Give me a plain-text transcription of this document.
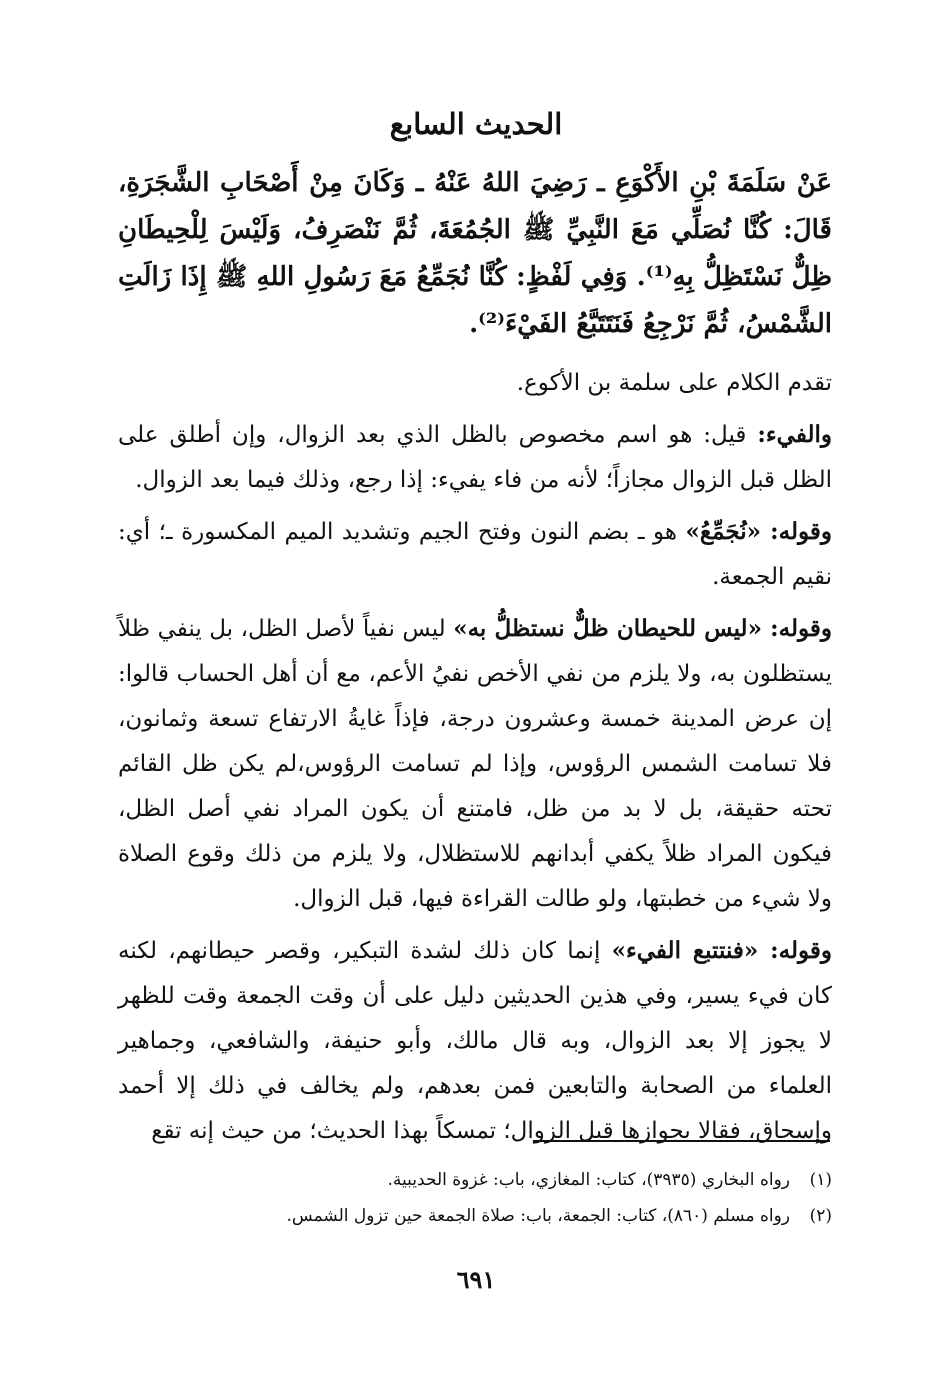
الحديث السابع

عَنْ سَلَمَةَ بْنِ الأَكْوَعِ ـ رَضِيَ اللهُ عَنْهُ ـ وَكَانَ مِنْ أَصْحَابِ الشَّجَرَةِ، قَالَ: كُنَّا نُصَلِّي مَعَ النَّبِيِّ ﷺ الجُمُعَةَ، ثُمَّ نَنْصَرِفُ، وَلَيْسَ لِلْحِيطَانِ ظِلٌّ نَسْتَظِلُّ بِهِ⁽¹⁾. وَفِي لَفْظٍ: كُنَّا نُجَمِّعُ مَعَ رَسُولِ اللهِ ﷺ إِذَا زَالَتِ الشَّمْسُ، ثُمَّ نَرْجِعُ فَنَتَتَبَّعُ الفَيْءَ⁽²⁾.

تقدم الكلام على سلمة بن الأكوع.

والفيء: قيل: هو اسم مخصوص بالظل الذي بعد الزوال، وإن أطلق على الظل قبل الزوال مجازاً؛ لأنه من فاء يفيء: إذا رجع، وذلك فيما بعد الزوال.

وقوله: «نُجَمِّعُ» هو ـ بضم النون وفتح الجيم وتشديد الميم المكسورة ـ؛ أي: نقيم الجمعة.

وقوله: «ليس للحيطان ظلٌّ نستظلُّ به» ليس نفياً لأصل الظل، بل ينفي ظلاً يستظلون به، ولا يلزم من نفي الأخص نفيُ الأعم، مع أن أهل الحساب قالوا: إن عرض المدينة خمسة وعشرون درجة، فإذاً غايةُ الارتفاع تسعة وثمانون، فلا تسامت الشمس الرؤوس، وإذا لم تسامت الرؤوس،لم يكن ظل القائم تحته حقيقة، بل لا بد من ظل، فامتنع أن يكون المراد نفي أصل الظل، فيكون المراد ظلاً يكفي أبدانهم للاستظلال، ولا يلزم من ذلك وقوع الصلاة ولا شيء من خطبتها، ولو طالت القراءة فيها، قبل الزوال.

وقوله: «فنتتبع الفيء» إنما كان ذلك لشدة التبكير، وقصر حيطانهم، لكنه كان فيء يسير، وفي هذين الحديثين دليل على أن وقت الجمعة وقت للظهر لا يجوز إلا بعد الزوال، وبه قال مالك، وأبو حنيفة، والشافعي، وجماهير العلماء من الصحابة والتابعين فمن بعدهم، ولم يخالف في ذلك إلا أحمد وإسحاق، فقالا بجوازها قبل الزوال؛ تمسكاً بهذا الحديث؛ من حيث إنه تقع

(١)
رواه البخاري (٣٩٣٥)، كتاب: المغازي، باب: غزوة الحديبية.
(٢)
رواه مسلم (٨٦٠)، كتاب: الجمعة، باب: صلاة الجمعة حين تزول الشمس.
٦٩١
